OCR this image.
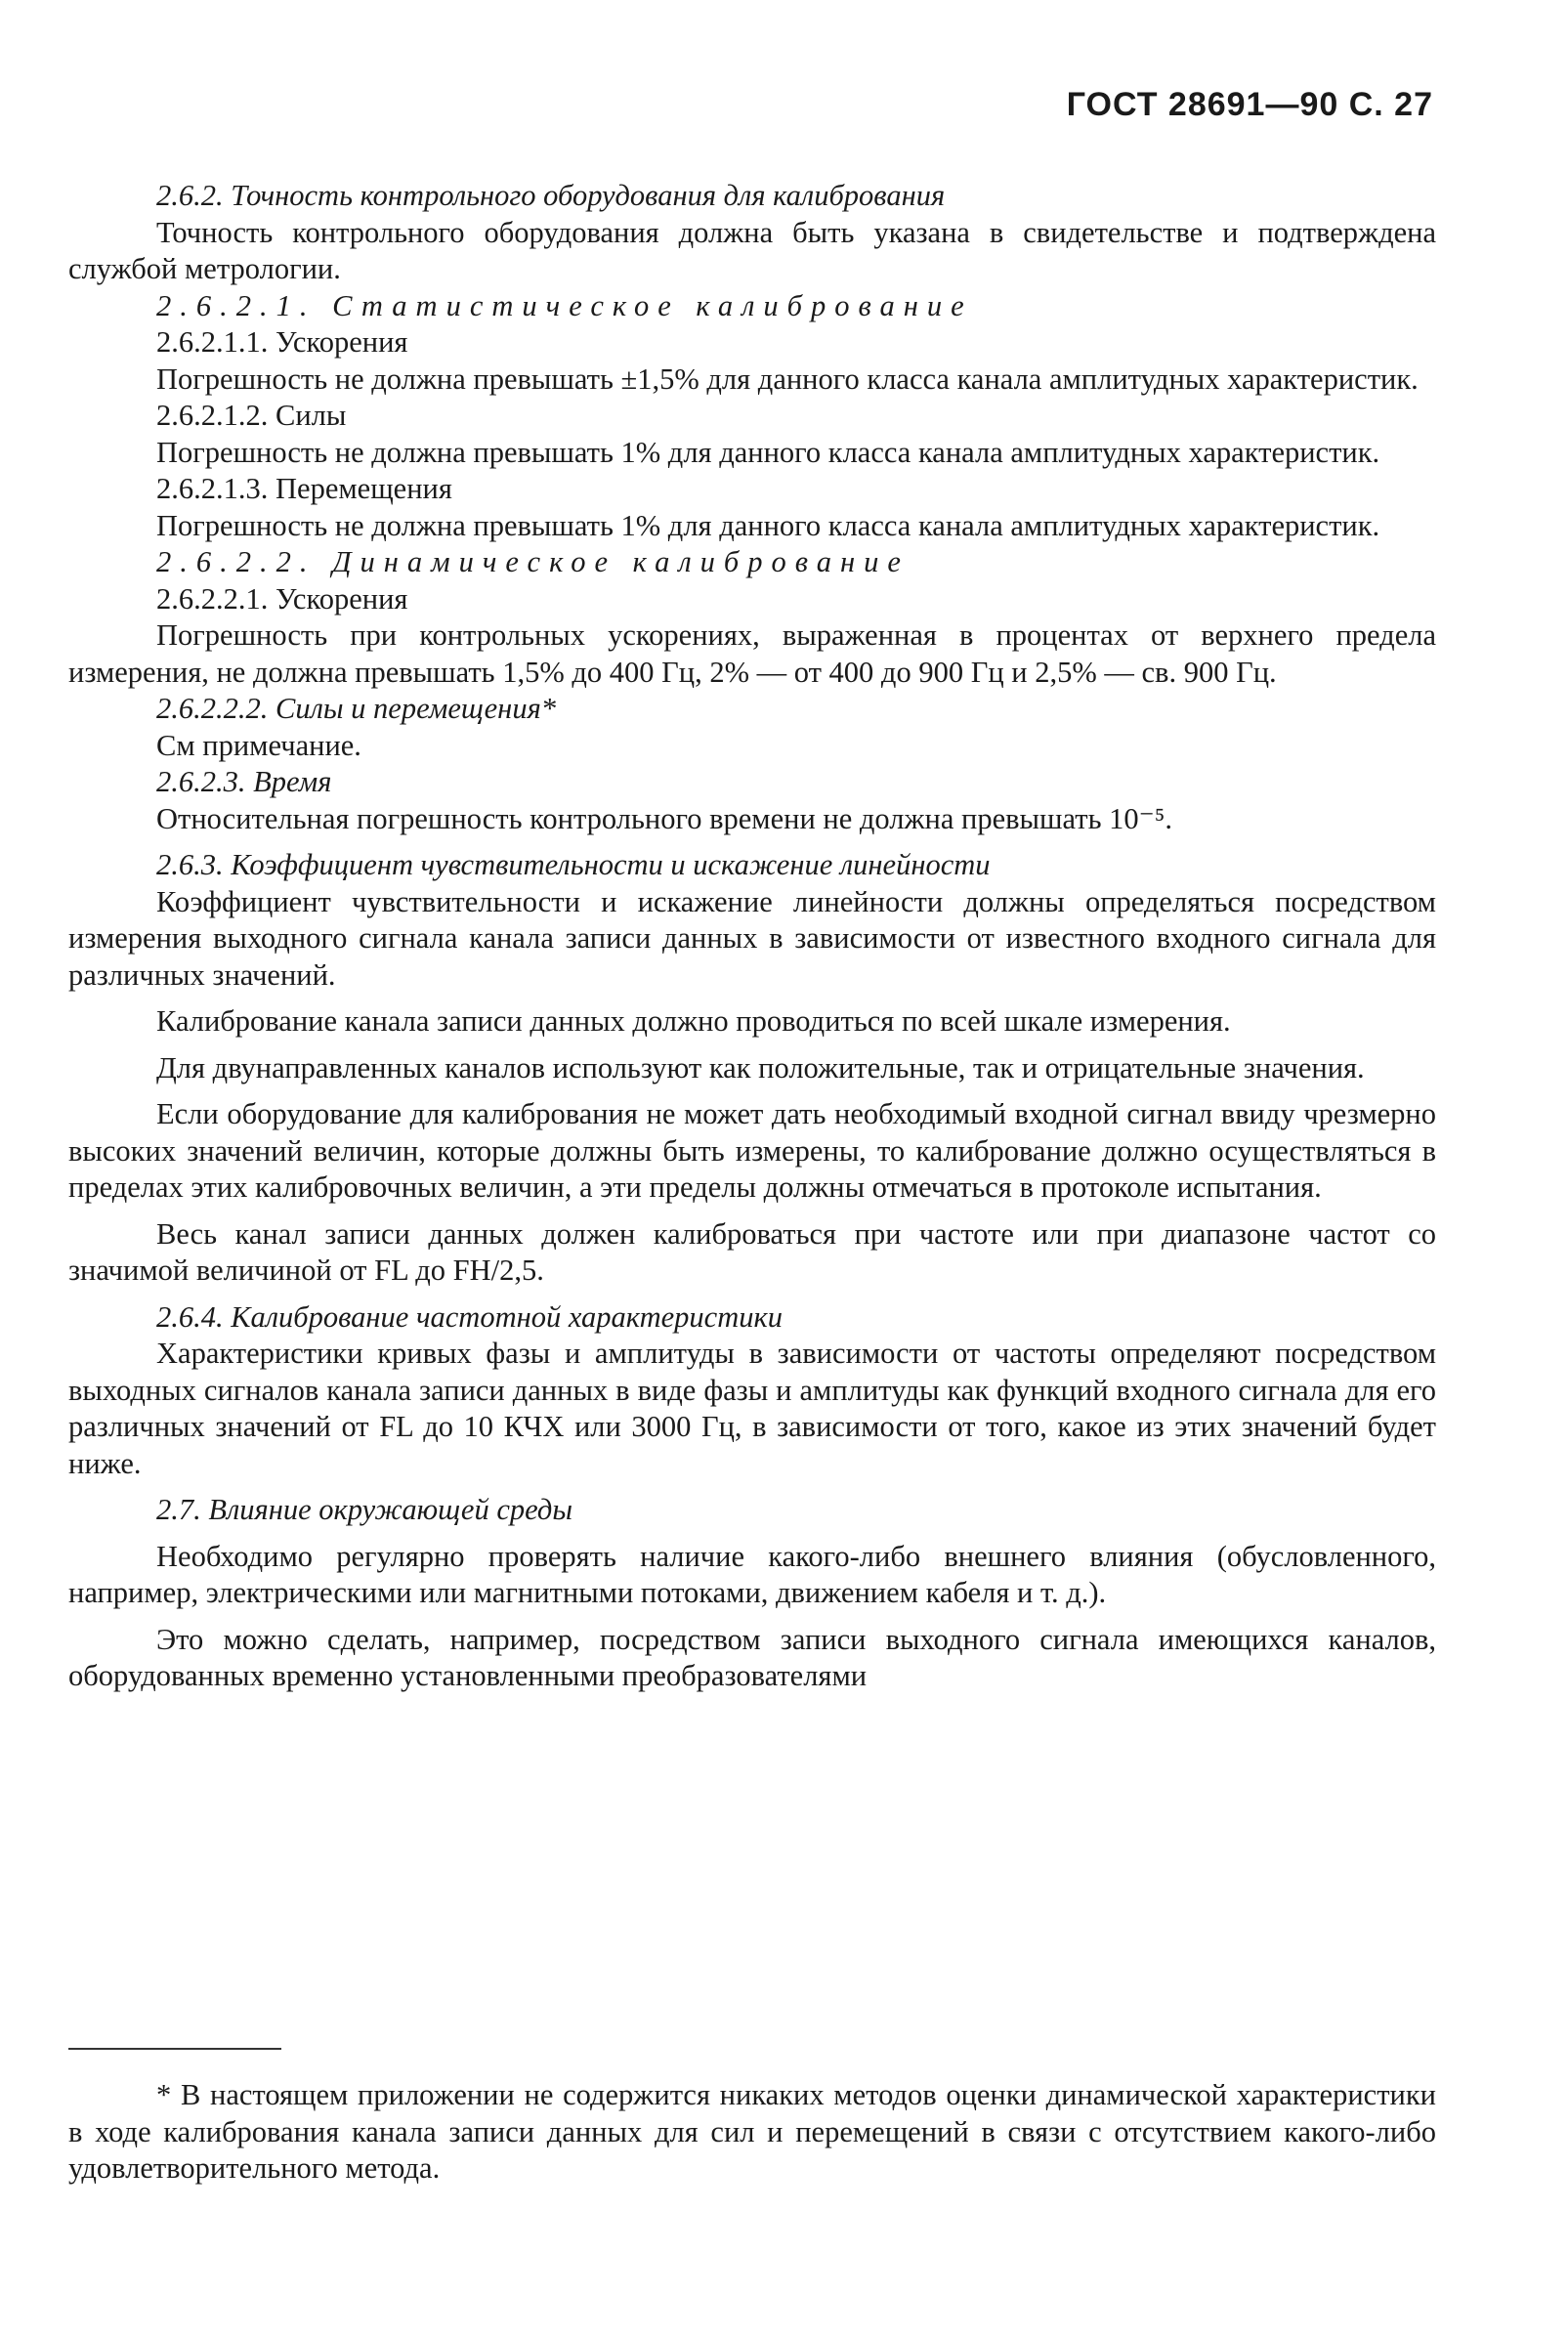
ГОСТ 28691—90 С. 27

2.6.2. Точность контрольного оборудования для калибрования

Точность контрольного оборудования должна быть указана в свидетельстве и подтверждена службой метрологии.

2.6.2.1. Статистическое калибрование

2.6.2.1.1. Ускорения

Погрешность не должна превышать ±1,5% для данного класса канала амплитудных характеристик.

2.6.2.1.2. Силы

Погрешность не должна превышать 1% для данного класса канала амплитудных характеристик.

2.6.2.1.3. Перемещения

Погрешность не должна превышать 1% для данного класса канала амплитудных характеристик.

2.6.2.2. Динамическое калибрование

2.6.2.2.1. Ускорения

Погрешность при контрольных ускорениях, выраженная в процентах от верхнего предела измерения, не должна превышать 1,5% до 400 Гц, 2% — от 400 до 900 Гц и 2,5% — св. 900 Гц.

2.6.2.2.2. Силы и перемещения*

См примечание.

2.6.2.3. Время

Относительная погрешность контрольного времени не должна превышать 10⁻⁵.

2.6.3. Коэффициент чувствительности и искажение линейности

Коэффициент чувствительности и искажение линейности должны определяться посредством измерения выходного сигнала канала записи данных в зависимости от известного входного сигнала для различных значений.

Калибрование канала записи данных должно проводиться по всей шкале измерения.

Для двунаправленных каналов используют как положительные, так и отрицательные значения.

Если оборудование для калибрования не может дать необходимый входной сигнал ввиду чрезмерно высоких значений величин, которые должны быть измерены, то калибрование должно осуществляться в пределах этих калибровочных величин, а эти пределы должны отмечаться в протоколе испытания.

Весь канал записи данных должен калиброваться при частоте или при диапазоне частот со значимой величиной от FL до FH/2,5.

2.6.4. Калибрование частотной характеристики

Характеристики кривых фазы и амплитуды в зависимости от частоты определяют посредством выходных сигналов канала записи данных в виде фазы и амплитуды как функций входного сигнала для его различных значений от FL до 10 КЧХ или 3000 Гц, в зависимости от того, какое из этих значений будет ниже.

2.7. Влияние окружающей среды

Необходимо регулярно проверять наличие какого-либо внешнего влияния (обусловленного, например, электрическими или магнитными потоками, движением кабеля и т. д.).

Это можно сделать, например, посредством записи выходного сигнала имеющихся каналов, оборудованных временно установленными преобразователями

* В настоящем приложении не содержится никаких методов оценки динамической характеристики в ходе калибрования канала записи данных для сил и перемещений в связи с отсутствием какого-либо удовлетворительного метода.
